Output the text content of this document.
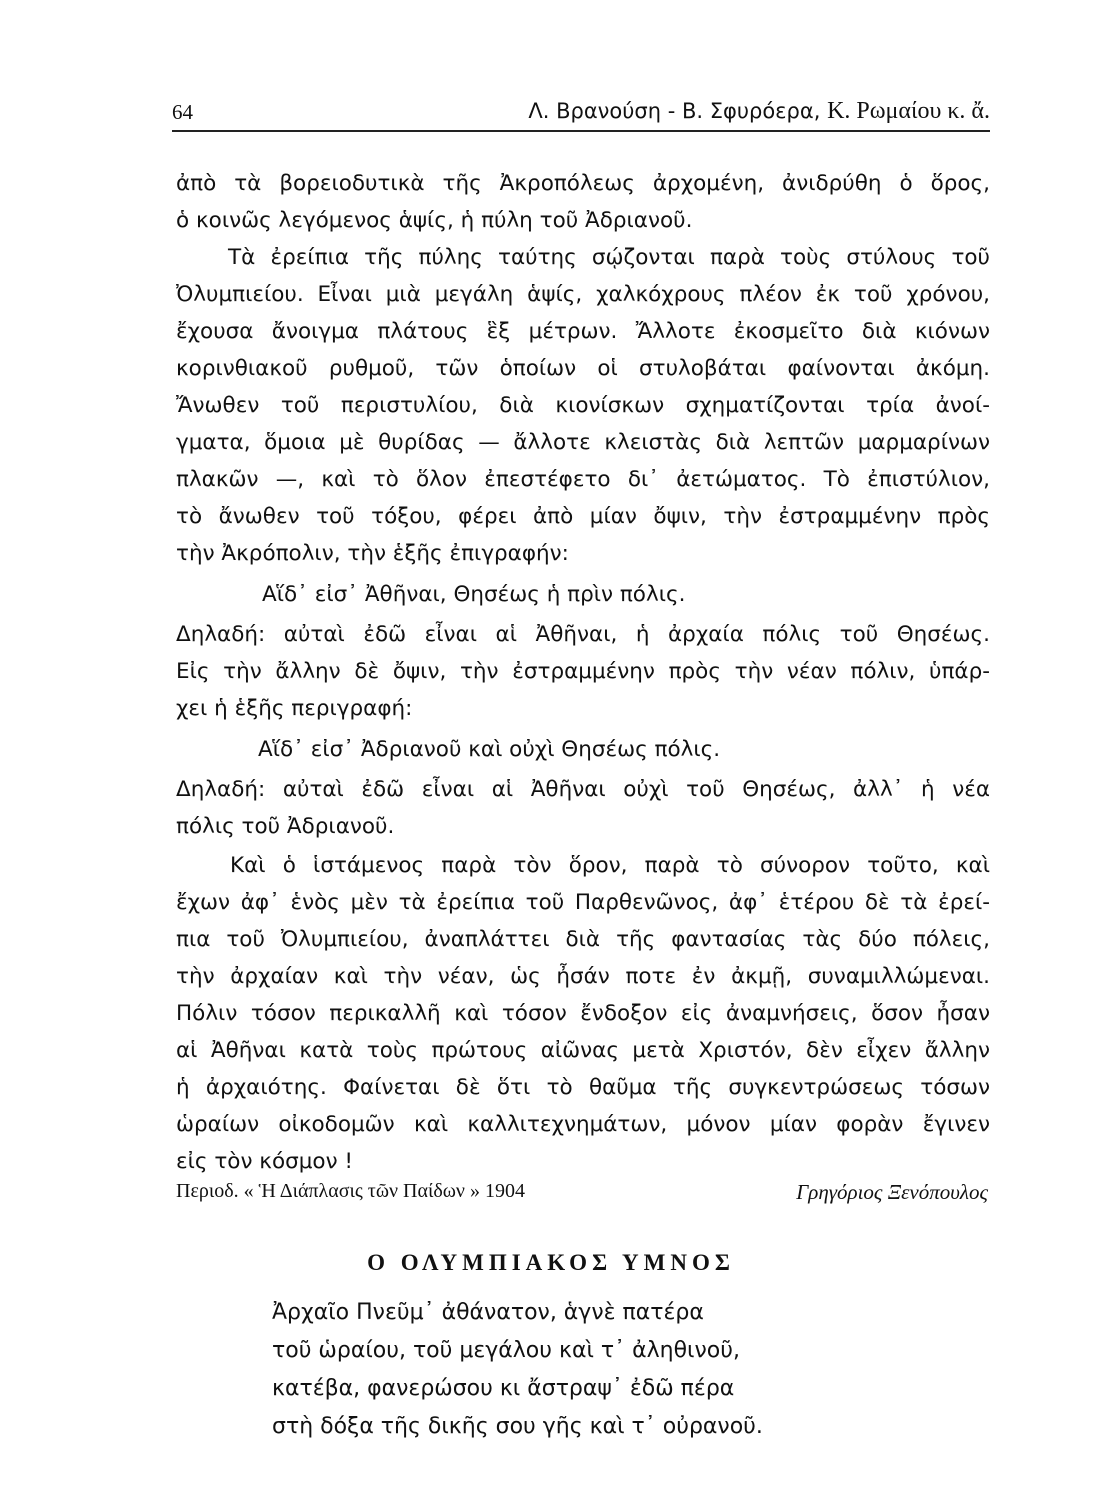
64	Λ. Βρανούση - Β. Σφυρόερα, Κ. Ρωμαίου κ. ἄ.
ἀπὸ τὰ βορειοδυτικὰ τῆς Ἀκροπόλεως ἀρχομένη, ἀνιδρύθη ὁ ὅρος,
ὁ κοινῶς λεγόμενος ἁψίς, ἡ πύλη τοῦ Ἀδριανοῦ.
Τὰ ἐρείπια τῆς πύλης ταύτης σῴζονται παρὰ τοὺς στύλους τοῦ
Ὀλυμπιείου. Εἶναι μιὰ μεγάλη ἁψίς, χαλκόχρους πλέον ἐκ τοῦ χρόνου,
ἔχουσα ἄνοιγμα πλάτους ἓξ μέτρων. Ἄλλοτε ἐκοσμεῖτο διὰ κιόνων
κορινθιακοῦ ρυθμοῦ, τῶν ὁποίων οἱ στυλοβάται φαίνονται ἀκόμη.
Ἄνωθεν τοῦ περιστυλίου, διὰ κιονίσκων σχηματίζονται τρία ἀνοί-
γματα, ὅμοια μὲ θυρίδας — ἄλλοτε κλειστὰς διὰ λεπτῶν μαρμαρίνων
πλακῶν —, καὶ τὸ ὅλον ἐπεστέφετο δι᾽ ἀετώματος. Τὸ ἐπιστύλιον,
τὸ ἄνωθεν τοῦ τόξου, φέρει ἀπὸ μίαν ὄψιν, τὴν ἐστραμμένην πρὸς
τὴν Ἀκρόπολιν, τὴν ἑξῆς ἐπιγραφήν:
Αἵδ᾽ εἰσ᾽ Ἀθῆναι, Θησέως ἡ πρὶν πόλις.
Δηλαδή: αὐταὶ ἐδῶ εἶναι αἱ Ἀθῆναι, ἡ ἀρχαία πόλις τοῦ Θησέως.
Εἰς τὴν ἄλλην δὲ ὄψιν, τὴν ἐστραμμένην πρὸς τὴν νέαν πόλιν, ὑπάρ-
χει ἡ ἑξῆς περιγραφή:
Αἵδ᾽ εἰσ᾽ Ἀδριανοῦ καὶ οὐχὶ Θησέως πόλις.
Δηλαδή: αὐταὶ ἐδῶ εἶναι αἱ Ἀθῆναι οὐχὶ τοῦ Θησέως, ἀλλ᾽ ἡ νέα
πόλις τοῦ Ἀδριανοῦ.
Καὶ ὁ ἱστάμενος παρὰ τὸν ὅρον, παρὰ τὸ σύνορον τοῦτο, καὶ
ἔχων ἀφ᾽ ἑνὸς μὲν τὰ ἐρείπια τοῦ Παρθενῶνος, ἀφ᾽ ἑτέρου δὲ τὰ ἐρεί-
πια τοῦ Ὀλυμπιείου, ἀναπλάττει διὰ τῆς φαντασίας τὰς δύο πόλεις,
τὴν ἀρχαίαν καὶ τὴν νέαν, ὡς ἦσάν ποτε ἐν ἀκμῇ, συναμιλλώμεναι.
Πόλιν τόσον περικαλλῆ καὶ τόσον ἔνδοξον εἰς ἀναμνήσεις, ὅσον ἦσαν
αἱ Ἀθῆναι κατὰ τοὺς πρώτους αἰῶνας μετὰ Χριστόν, δὲν εἶχεν ἄλλην
ἡ ἀρχαιότης. Φαίνεται δὲ ὅτι τὸ θαῦμα τῆς συγκεντρώσεως τόσων
ὡραίων οἰκοδομῶν καὶ καλλιτεχνημάτων, μόνον μίαν φορὰν ἔγινεν
εἰς τὸν κόσμον !
Περιοδ. « Ἡ Διάπλασις τῶν Παίδων » 1904	Γρηγόριος Ξενόπουλος
Ο ΟΛΥΜΠΙΑΚΟΣ ΥΜΝΟΣ
Ἀρχαῖο Πνεῦμ᾽ ἀθάνατον, ἁγνὲ πατέρα
τοῦ ὡραίου, τοῦ μεγάλου καὶ τ᾽ ἀληθινοῦ,
κατέβα, φανερώσου κι ἄστραψ᾽ ἐδῶ πέρα
στὴ δόξα τῆς δικῆς σου γῆς καὶ τ᾽ οὐρανοῦ.
